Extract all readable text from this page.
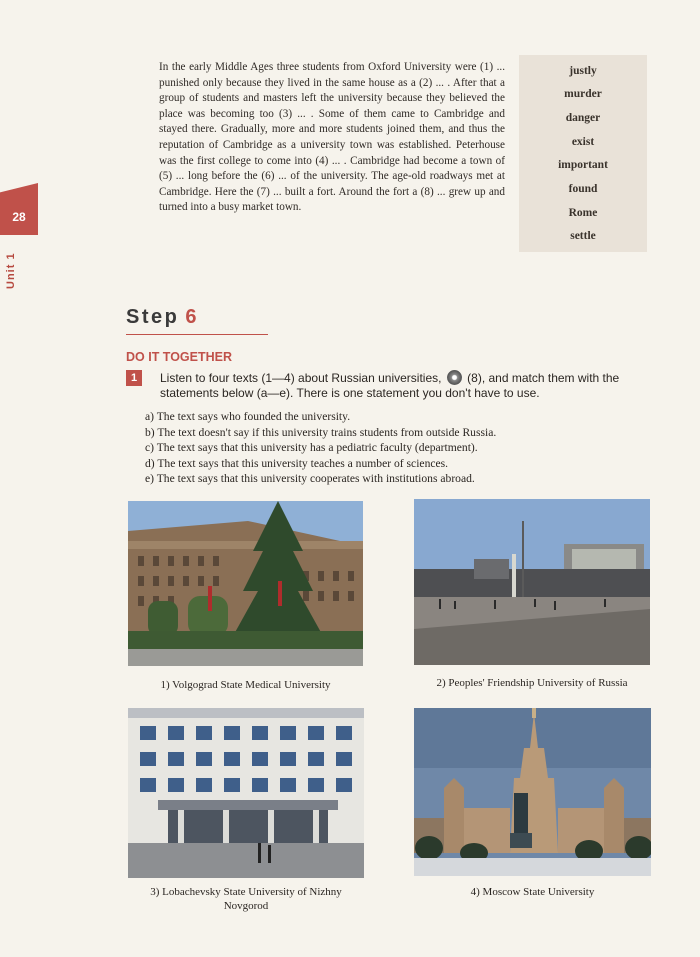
28
Unit 1
In the early Middle Ages three students from Oxford University were (1) ... punished only because they lived in the same house as a (2) ... . After that a group of students and masters left the university because they believed the place was becoming too (3) ... . Some of them came to Cambridge and stayed there. Gradually, more and more students joined them, and thus the reputation of Cambridge as a university town was established. Peterhouse was the first college to come into (4) ... . Cambridge had become a town of (5) ... long before the (6) ... of the university. The age-old roadways met at Cambridge. Here the (7) ... built a fort. Around the fort a (8) ... grew up and turned into a busy market town.
justly
murder
danger
exist
important
found
Rome
settle
Step 6
DO IT TOGETHER
1	Listen to four texts (1—4) about Russian universities, (8), and match them with the statements below (a—e). There is one statement you don't have to use.
a) The text says who founded the university.
b) The text doesn't say if this university trains students from outside Russia.
c) The text says that this university has a pediatric faculty (department).
d) The text says that this university teaches a number of sciences.
e) The text says that this university cooperates with institutions abroad.
1) Volgograd State Medical University	2) Peoples' Friendship University of Russia
3) Lobachevsky State University of Nizhny Novgorod
4) Moscow State University
